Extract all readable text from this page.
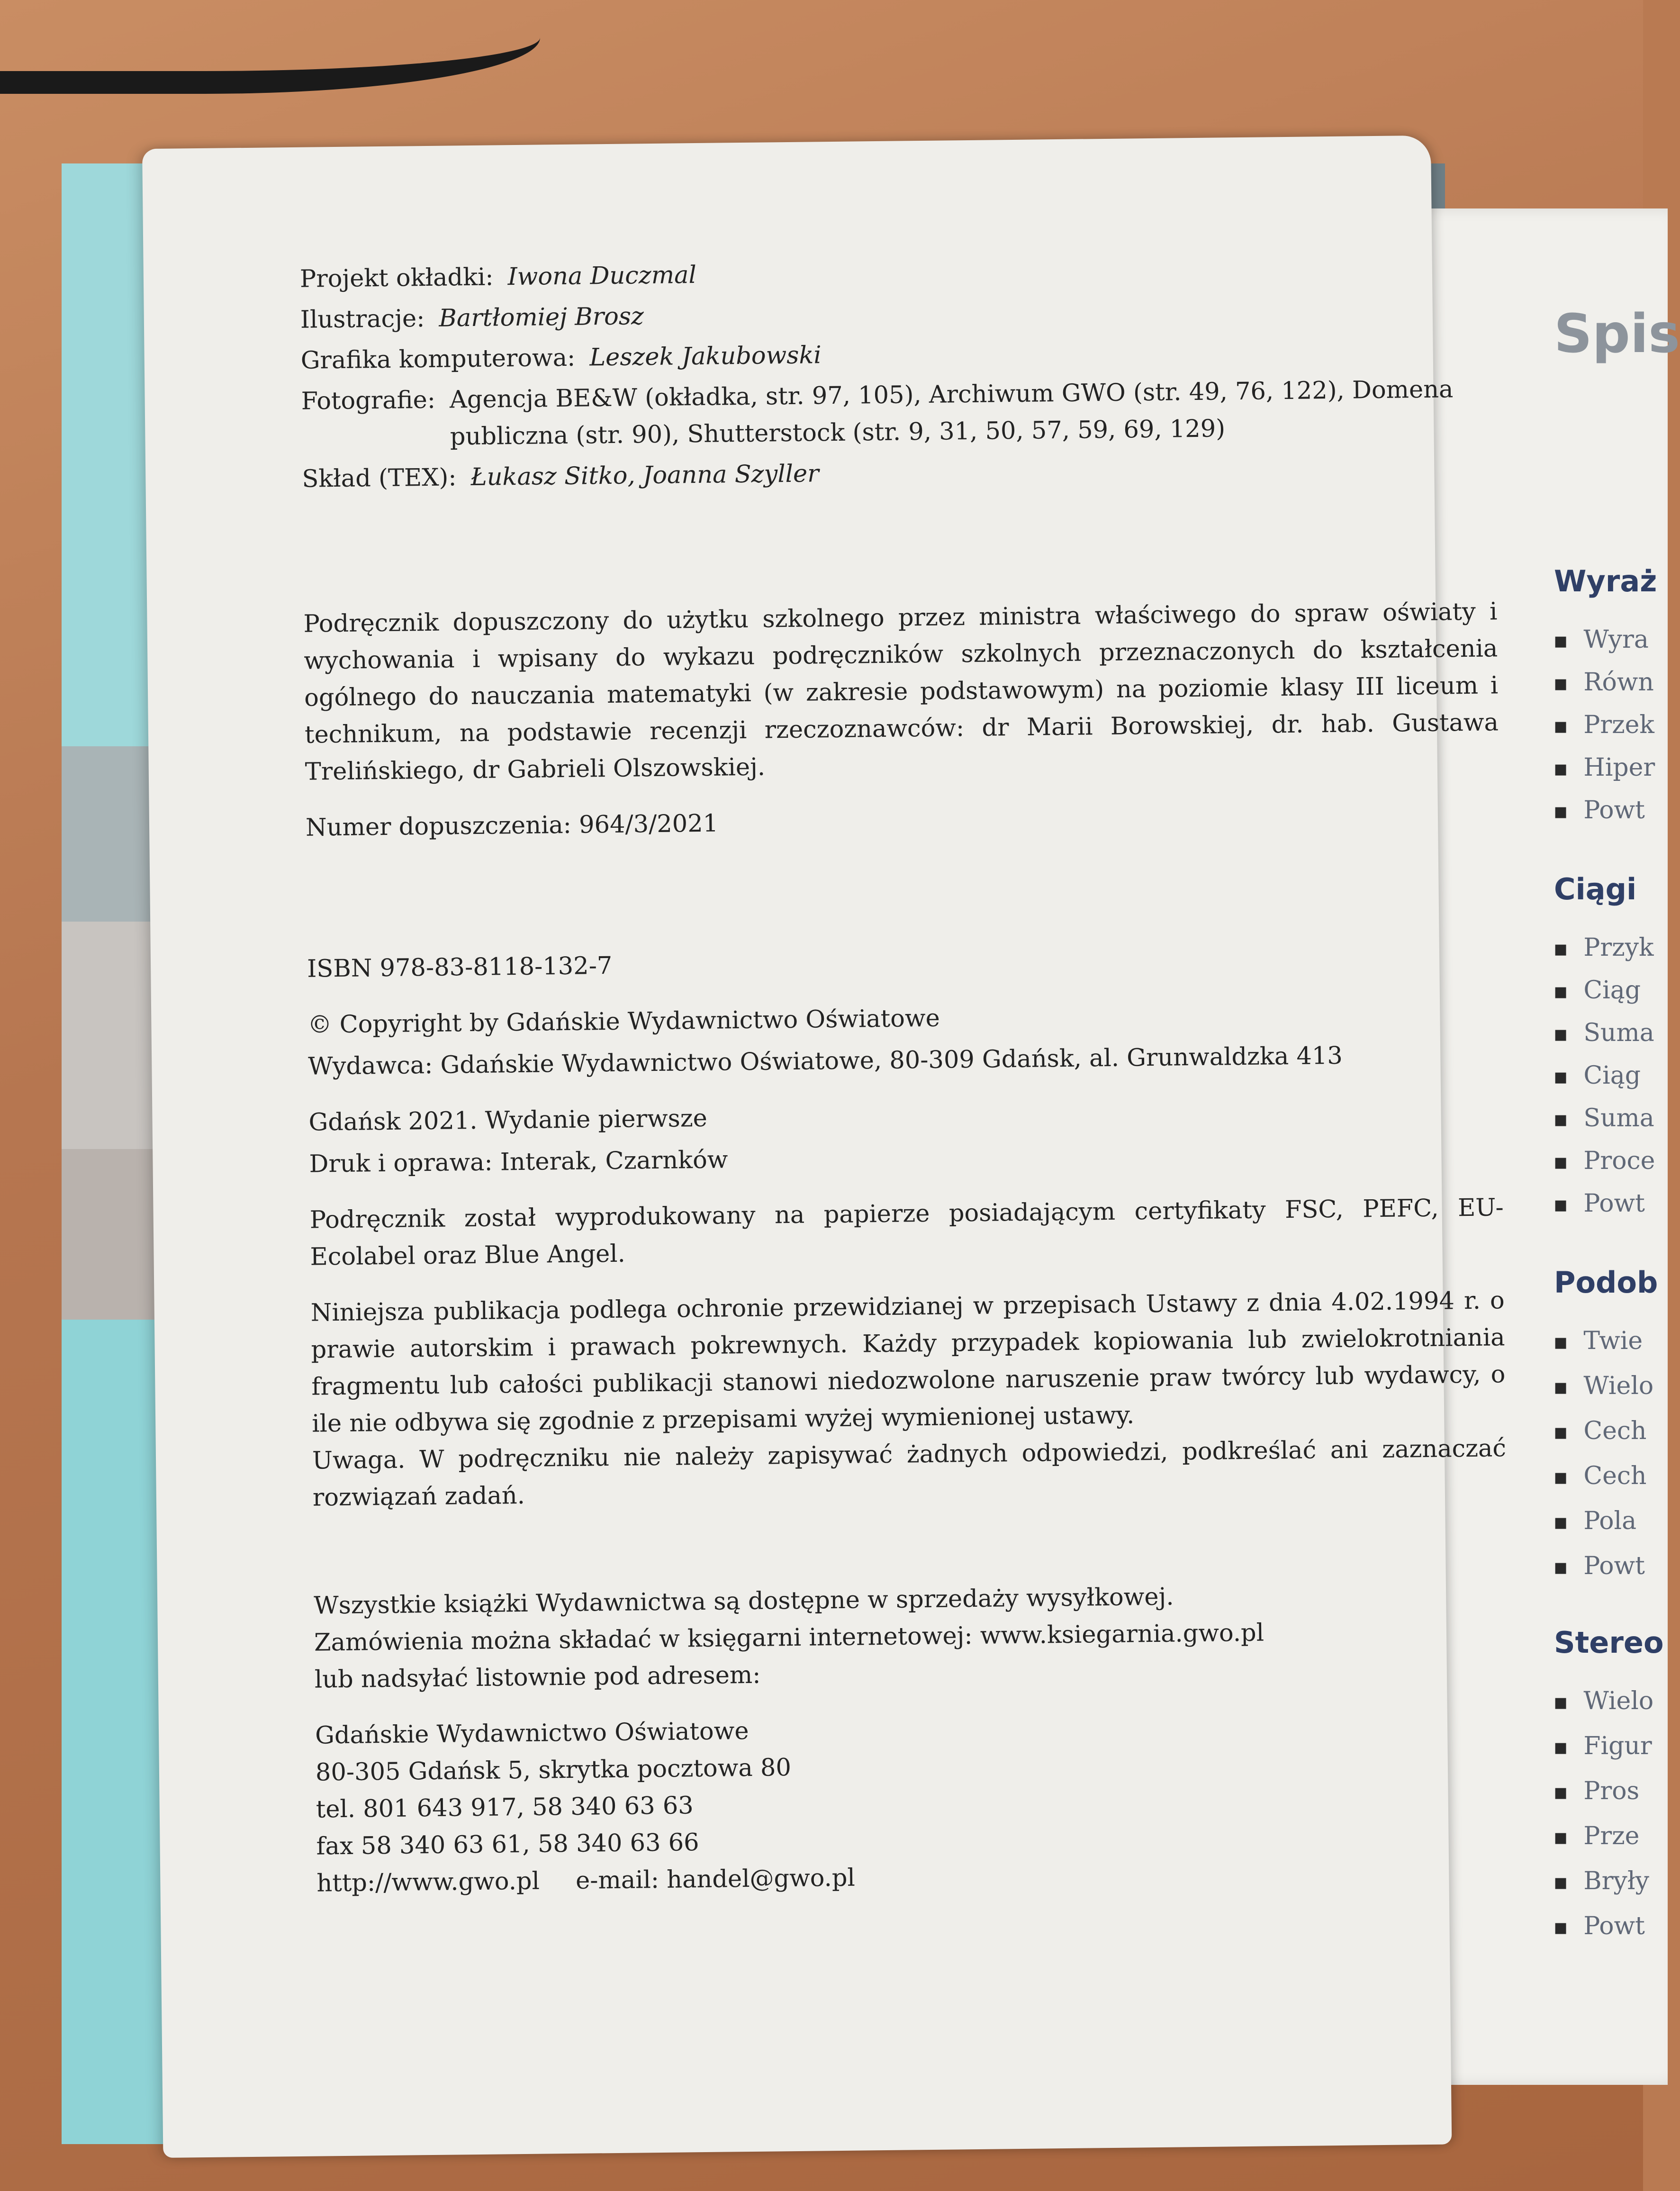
Spis
Wyraż
■ Wyra
■ Równ
■ Przek
■ Hiper
■ Powt
Ciągi
■ Przyk
■ Ciąg
■ Suma
■ Ciąg
■ Suma
■ Proce
■ Powt
Podob
■ Twie
■ Wielo
■ Cech
■ Cech
■ Pola
■ Powt
Stereo
■ Wielo
■ Figur
■ Pros
■ Prze
■ Bryły
■ Powt
Projekt okładki: Iwona Duczmal
Ilustracje: Bartłomiej Brosz
Grafika komputerowa: Leszek Jakubowski
Fotografie: Agencja BE&W (okładka, str. 97, 105), Archiwum GWO (str. 49, 76, 122), Domena publiczna (str. 90), Shutterstock (str. 9, 31, 50, 57, 59, 69, 129)
Skład (TEX): Łukasz Sitko, Joanna Szyller

Podręcznik dopuszczony do użytku szkolnego przez ministra właściwego do spraw oświaty i wychowania i wpisany do wykazu podręczników szkolnych przeznaczonych do kształcenia ogólnego do nauczania matematyki (w zakresie podstawowym) na poziomie klasy III liceum i technikum, na podstawie recenzji rzeczoznawców: dr Marii Borowskiej, dr. hab. Gustawa Trelińskiego, dr Gabrieli Olszowskiej.

Numer dopuszczenia: 964/3/2021

ISBN 978-83-8118-132-7

© Copyright by Gdańskie Wydawnictwo Oświatowe

Wydawca: Gdańskie Wydawnictwo Oświatowe, 80-309 Gdańsk, al. Grunwaldzka 413

Gdańsk 2021. Wydanie pierwsze

Druk i oprawa: Interak, Czarnków

Podręcznik został wyprodukowany na papierze posiadającym certyfikaty FSC, PEFC, EU-Ecolabel oraz Blue Angel.

Niniejsza publikacja podlega ochronie przewidzianej w przepisach Ustawy z dnia 4.02.1994 r. o prawie autorskim i prawach pokrewnych. Każdy przypadek kopiowania lub zwielokrotniania fragmentu lub całości publikacji stanowi niedozwolone naruszenie praw twórcy lub wydawcy, o ile nie odbywa się zgodnie z przepisami wyżej wymienionej ustawy.

Uwaga. W podręczniku nie należy zapisywać żadnych odpowiedzi, podkreślać ani zaznaczać rozwiązań zadań.

Wszystkie książki Wydawnictwa są dostępne w sprzedaży wysyłkowej.

Zamówienia można składać w księgarni internetowej: www.ksiegarnia.gwo.pl

lub nadsyłać listownie pod adresem:

Gdańskie Wydawnictwo Oświatowe

80-305 Gdańsk 5, skrytka pocztowa 80

tel. 801 643 917, 58 340 63 63

fax 58 340 63 61, 58 340 63 66

http://www.gwo.pl e-mail: handel@gwo.pl
